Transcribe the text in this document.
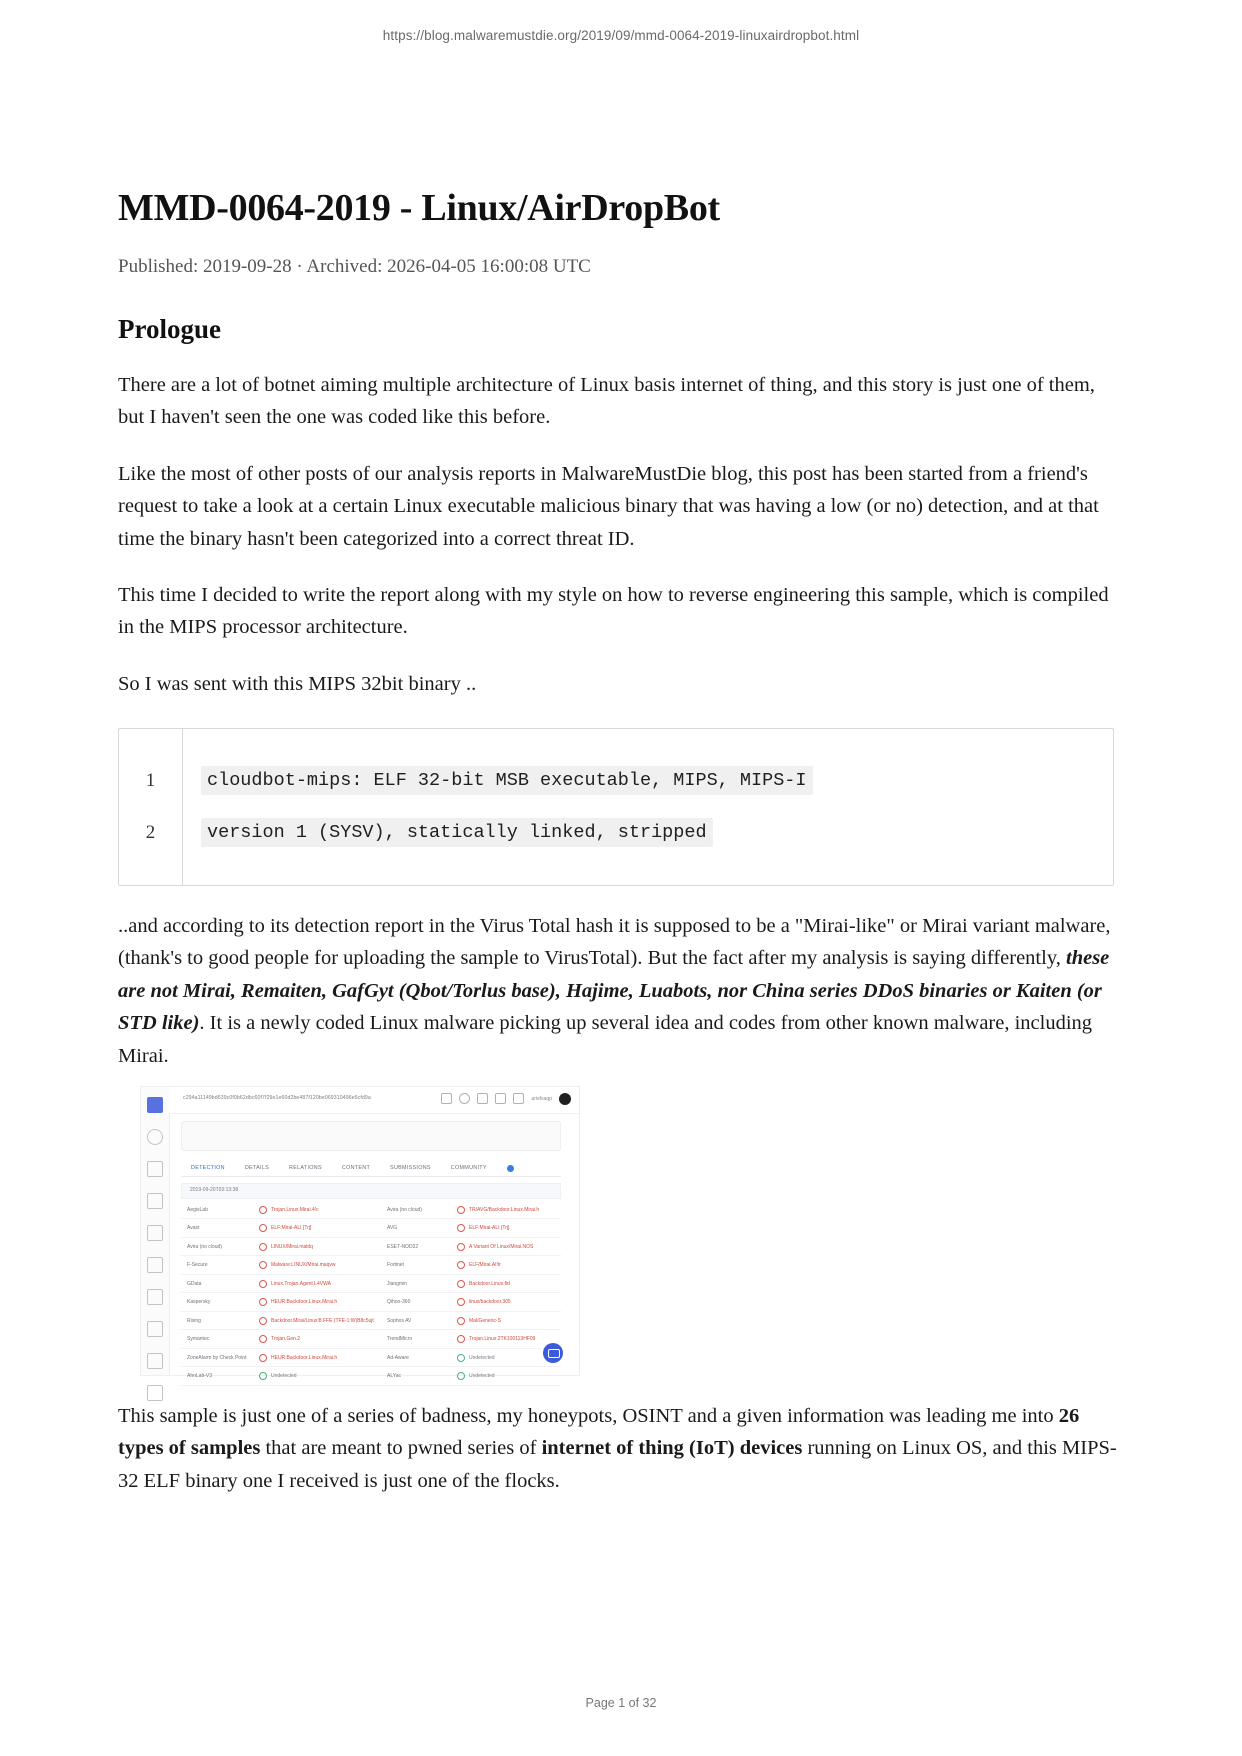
https://blog.malwaremustdie.org/2019/09/mmd-0064-2019-linuxairdropbot.html
MMD-0064-2019 - Linux/AirDropBot
Published: 2019-09-28 · Archived: 2026-04-05 16:00:08 UTC
Prologue

There are a lot of botnet aiming multiple architecture of Linux basis internet of thing, and this story is just one of them, but I haven't seen the one was coded like this before.

Like the most of other posts of our analysis reports in MalwareMustDie blog, this post has been started from a friend's request to take a look at a certain Linux executable malicious binary that was having a low (or no) detection, and at that time the binary hasn't been categorized into a correct threat ID.

This time I decided to write the report along with my style on how to reverse engineering this sample, which is compiled in the MIPS processor architecture.

So I was sent with this MIPS 32bit binary ..

1
2
cloudbot-mips: ELF 32-bit MSB executable, MIPS, MIPS-I
version 1 (SYSV), statically linked, stripped

..and according to its detection report in the Virus Total hash it is supposed to be a "Mirai-like" or Mirai variant malware, (thank's to good people for uploading the sample to VirusTotal). But the fact after my analysis is saying differently, these are not Mirai, Remaiten, GafGyt (Qbot/Torlus base), Hajime, Luabots, nor China series DDoS binaries or Kaiten (or STD like). It is a newly coded Linux malware picking up several idea and codes from other known malware, including Mirai.

c294a11149bd639c0f0b62dbc60f7f29e1e60d2be487f120be069310496e5cfd9a	ariefsaqp
DETECTION	DETAILS	RELATIONS	CONTENT	SUBMISSIONS	COMMUNITY
2019-09-20T03:13:38
AegisLab	Trojan.Linux.Mirai.4!c	Avira (no cloud)	TR/AVG/Backdoor.Linux.Mirai.h
Avast	ELF:Mirai-ALI [Trj]	AVG	ELF:Mirai-ALI [Trj]
Avira (no cloud)	LINUX/Mirai.maldq	ESET-NOD32	A Variant Of Linux/Mirai.NOS
F-Secure	Malware:LINUX/Mirai.maqvw	Fortinet	ELF/Mirai.AI!tr
GData	Linux.Trojan.Agent.L4VWA	Jiangmin	Backdoor.Linux.fid
Kaspersky	HEUR:Backdoor.Linux.Mirai.h	Qihoo-360	linux/backdoor.305
Rising	Backdoor.Mirai/Linux!8.FFE (TFE-1:W)B8c5ujt	Sophos AV	Mal/Generic-S
Symantec	Trojan.Gen.2	TrendMicro	Trojan.Linux.2TK100113HF09
ZoneAlarm by Check Point	HEUR:Backdoor.Linux.Mirai.h	Ad-Aware	Undetected
AhnLab-V3	Undetected	ALYac	Undetected

This sample is just one of a series of badness, my honeypots, OSINT and a given information was leading me into 26 types of samples that are meant to pwned series of internet of thing (IoT) devices running on Linux OS, and this MIPS-32 ELF binary one I received is just one of the flocks.

Page 1 of 32
